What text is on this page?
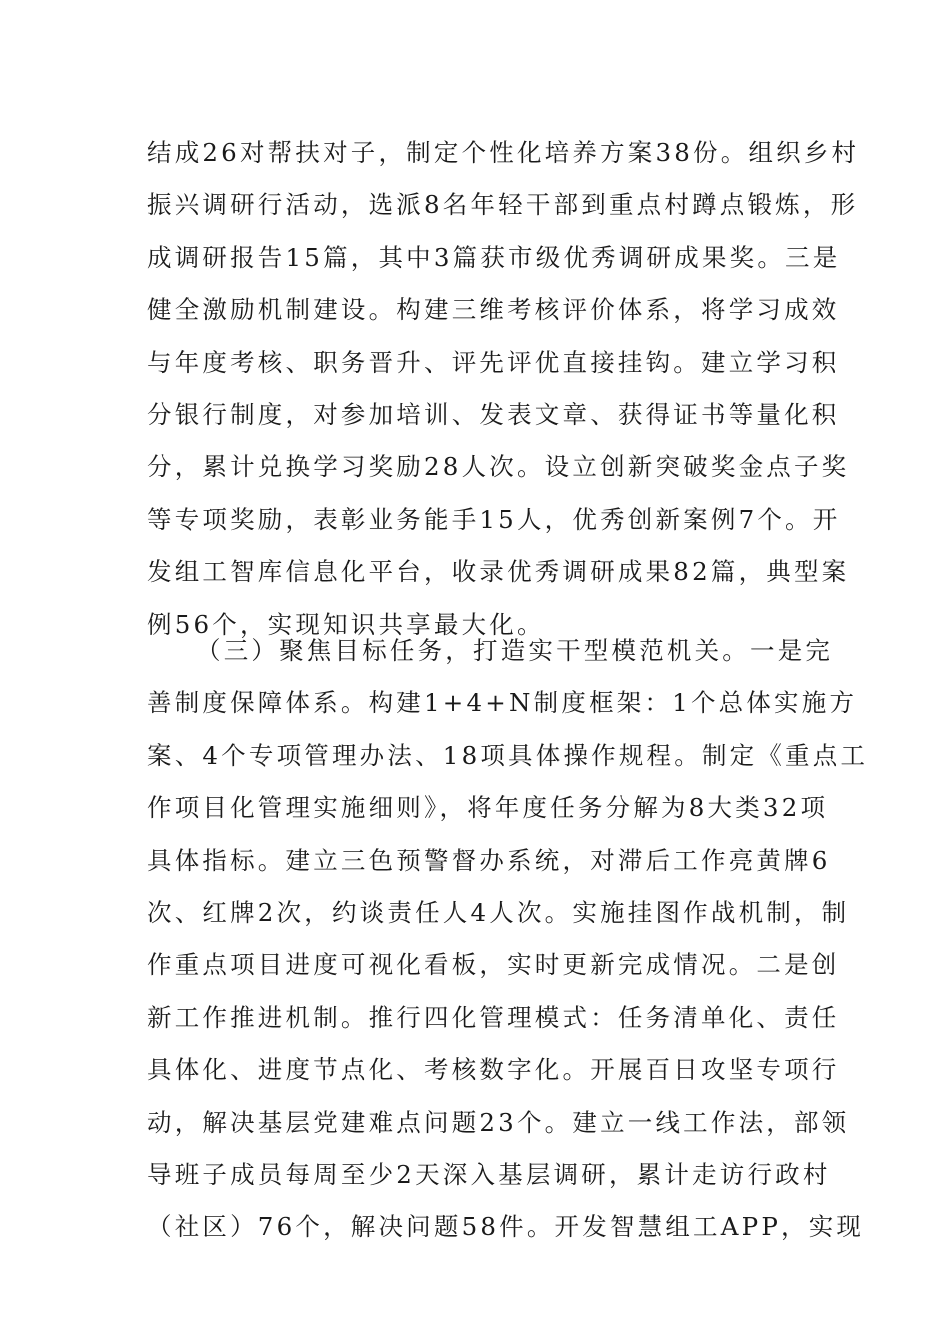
结成26对帮扶对子，制定个性化培养方案38份。组织乡村
振兴调研行活动，选派8名年轻干部到重点村蹲点锻炼，形
成调研报告15篇，其中3篇获市级优秀调研成果奖。三是
健全激励机制建设。构建三维考核评价体系，将学习成效
与年度考核、职务晋升、评先评优直接挂钩。建立学习积
分银行制度，对参加培训、发表文章、获得证书等量化积
分，累计兑换学习奖励28人次。设立创新突破奖金点子奖
等专项奖励，表彰业务能手15人，优秀创新案例7个。开
发组工智库信息化平台，收录优秀调研成果82篇，典型案
例56个，实现知识共享最大化。
（三）聚焦目标任务，打造实干型模范机关。一是完
善制度保障体系。构建1+4+N制度框架：1个总体实施方
案、4个专项管理办法、18项具体操作规程。制定《重点工
作项目化管理实施细则》，将年度任务分解为8大类32项
具体指标。建立三色预警督办系统，对滞后工作亮黄牌6
次、红牌2次，约谈责任人4人次。实施挂图作战机制，制
作重点项目进度可视化看板，实时更新完成情况。二是创
新工作推进机制。推行四化管理模式：任务清单化、责任
具体化、进度节点化、考核数字化。开展百日攻坚专项行
动，解决基层党建难点问题23个。建立一线工作法，部领
导班子成员每周至少2天深入基层调研，累计走访行政村
（社区）76个，解决问题58件。开发智慧组工APP，实现
